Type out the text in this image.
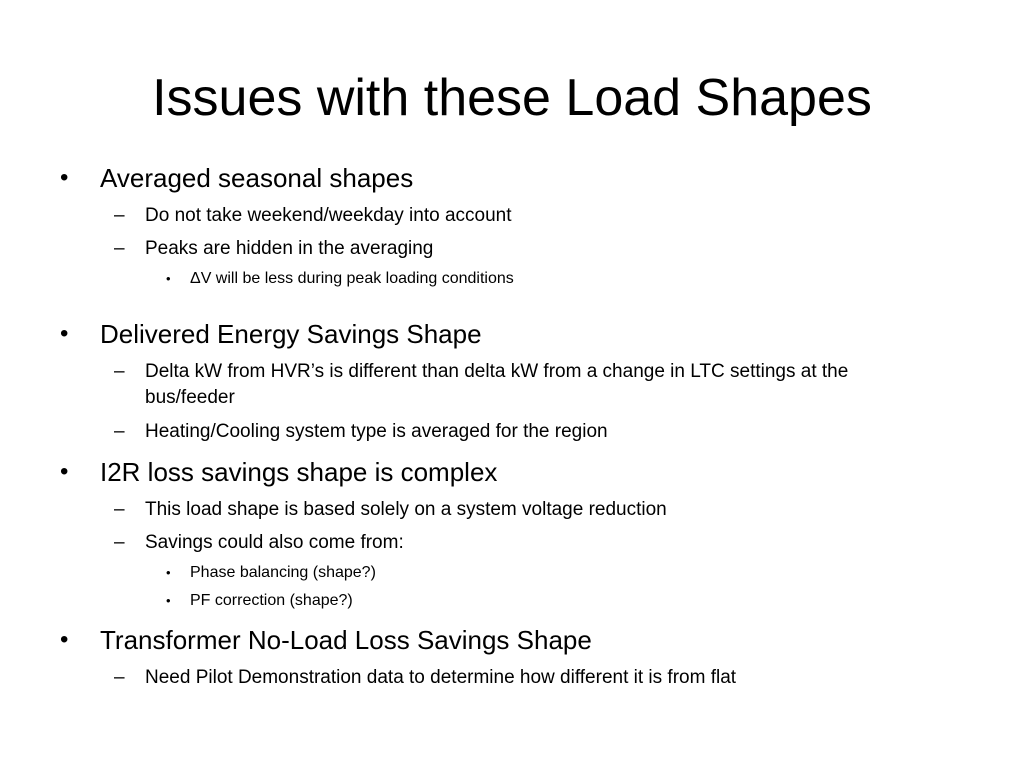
Issues with these Load Shapes
• Averaged seasonal shapes
– Do not take weekend/weekday into account
– Peaks are hidden in the averaging
• ΔV will be less during peak loading conditions
• Delivered Energy Savings Shape
– Delta kW from HVR’s is different than delta kW from a change in LTC settings at the
bus/feeder
– Heating/Cooling system type is averaged for the region
• I2R loss savings shape is complex
– This load shape is based solely on a system voltage reduction
– Savings could also come from:
• Phase balancing (shape?)
• PF correction (shape?)
• Transformer No-Load Loss Savings Shape
– Need Pilot Demonstration data to determine how different it is from flat
